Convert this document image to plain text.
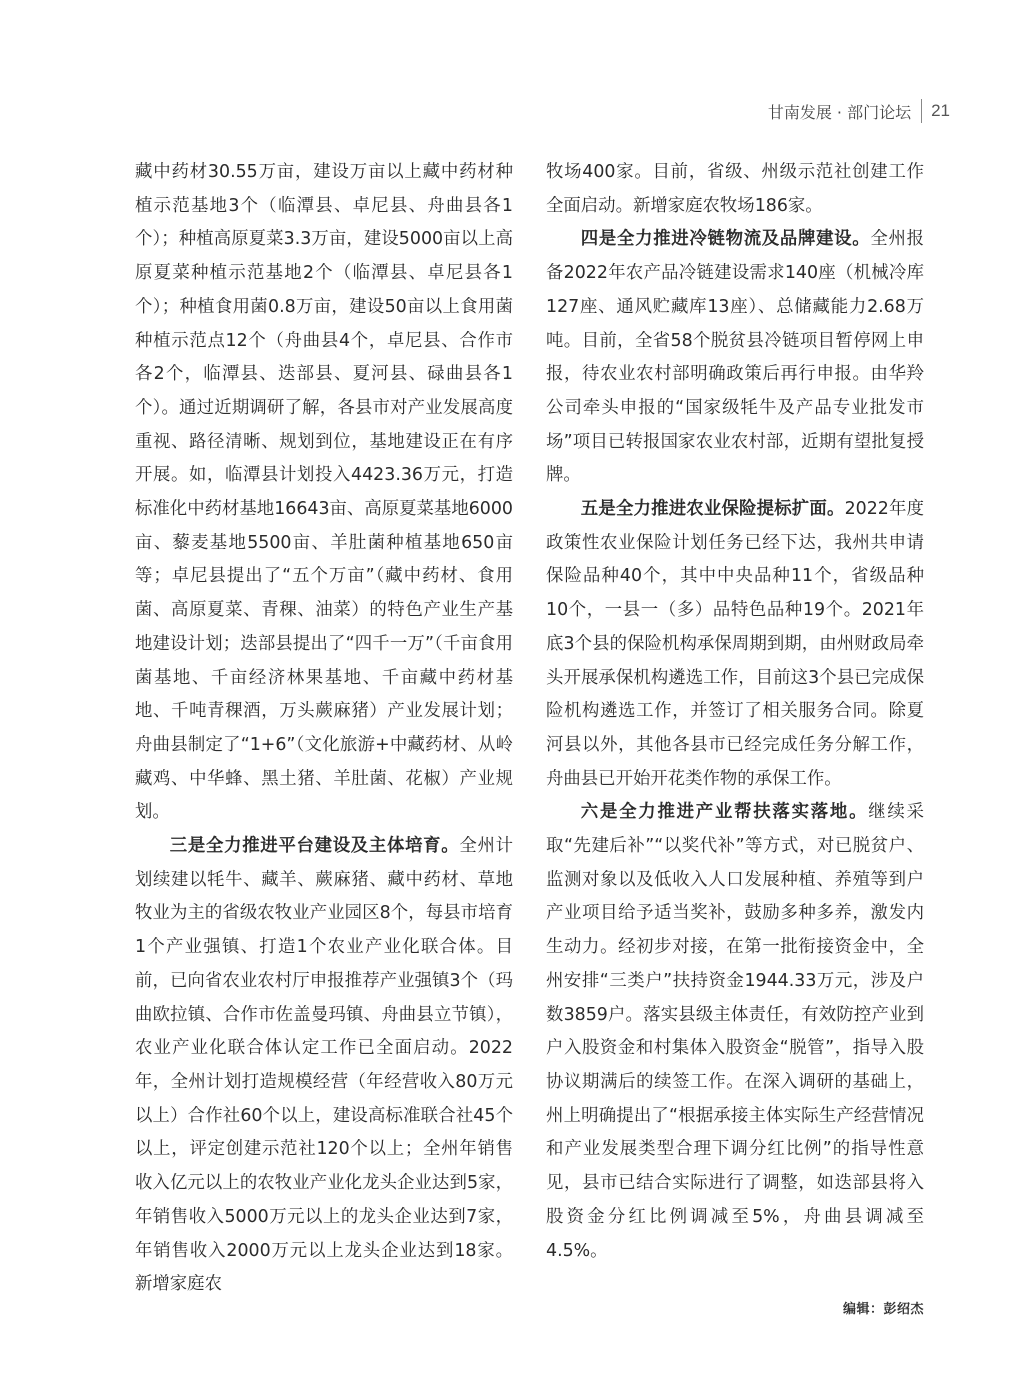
甘南发展 · 部门论坛 21

藏中药材30.55万亩，建设万亩以上藏中药材种植示范基地3个（临潭县、卓尼县、舟曲县各1个）；种植高原夏菜3.3万亩，建设5000亩以上高原夏菜种植示范基地2个（临潭县、卓尼县各1个）；种植食用菌0.8万亩，建设50亩以上食用菌种植示范点12个（舟曲县4个，卓尼县、合作市各2个，临潭县、迭部县、夏河县、碌曲县各1个）。通过近期调研了解，各县市对产业发展高度重视、路径清晰、规划到位，基地建设正在有序开展。如，临潭县计划投入4423.36万元，打造标准化中药材基地16643亩、高原夏菜基地6000亩、藜麦基地5500亩、羊肚菌种植基地650亩等；卓尼县提出了“五个万亩”（藏中药材、食用菌、高原夏菜、青稞、油菜）的特色产业生产基地建设计划；迭部县提出了“四千一万”（千亩食用菌基地、千亩经济林果基地、千亩藏中药材基地、千吨青稞酒，万头蕨麻猪）产业发展计划；舟曲县制定了“1+6”（文化旅游+中藏药材、从岭藏鸡、中华蜂、黑土猪、羊肚菌、花椒）产业规划。

三是全力推进平台建设及主体培育。全州计划续建以牦牛、藏羊、蕨麻猪、藏中药材、草地牧业为主的省级农牧业产业园区8个，每县市培育1个产业强镇、打造1个农业产业化联合体。目前，已向省农业农村厅申报推荐产业强镇3个（玛曲欧拉镇、合作市佐盖曼玛镇、舟曲县立节镇），农业产业化联合体认定工作已全面启动。2022年，全州计划打造规模经营（年经营收入80万元以上）合作社60个以上，建设高标准联合社45个以上，评定创建示范社120个以上；全州年销售收入亿元以上的农牧业产业化龙头企业达到5家，年销售收入5000万元以上的龙头企业达到7家，年销售收入2000万元以上龙头企业达到18家。新增家庭农

牧场400家。目前，省级、州级示范社创建工作全面启动。新增家庭农牧场186家。

四是全力推进冷链物流及品牌建设。全州报备2022年农产品冷链建设需求140座（机械冷库127座、通风贮藏库13座）、总储藏能力2.68万吨。目前，全省58个脱贫县冷链项目暂停网上申报，待农业农村部明确政策后再行申报。由华羚公司牵头申报的“国家级牦牛及产品专业批发市场”项目已转报国家农业农村部，近期有望批复授牌。

五是全力推进农业保险提标扩面。2022年度政策性农业保险计划任务已经下达，我州共申请保险品种40个，其中中央品种11个，省级品种10个，一县一（多）品特色品种19个。2021年底3个县的保险机构承保周期到期，由州财政局牵头开展承保机构遴选工作，目前这3个县已完成保险机构遴选工作，并签订了相关服务合同。除夏河县以外，其他各县市已经完成任务分解工作，舟曲县已开始开花类作物的承保工作。

六是全力推进产业帮扶落实落地。继续采取“先建后补”“以奖代补”等方式，对已脱贫户、监测对象以及低收入人口发展种植、养殖等到户产业项目给予适当奖补，鼓励多种多养，激发内生动力。经初步对接，在第一批衔接资金中，全州安排“三类户”扶持资金1944.33万元，涉及户数3859户。落实县级主体责任，有效防控产业到户入股资金和村集体入股资金“脱管”，指导入股协议期满后的续签工作。在深入调研的基础上，州上明确提出了“根据承接主体实际生产经营情况和产业发展类型合理下调分红比例”的指导性意见，县市已结合实际进行了调整，如迭部县将入股资金分红比例调减至5%，舟曲县调减至4.5%。

编辑：彭绍杰
